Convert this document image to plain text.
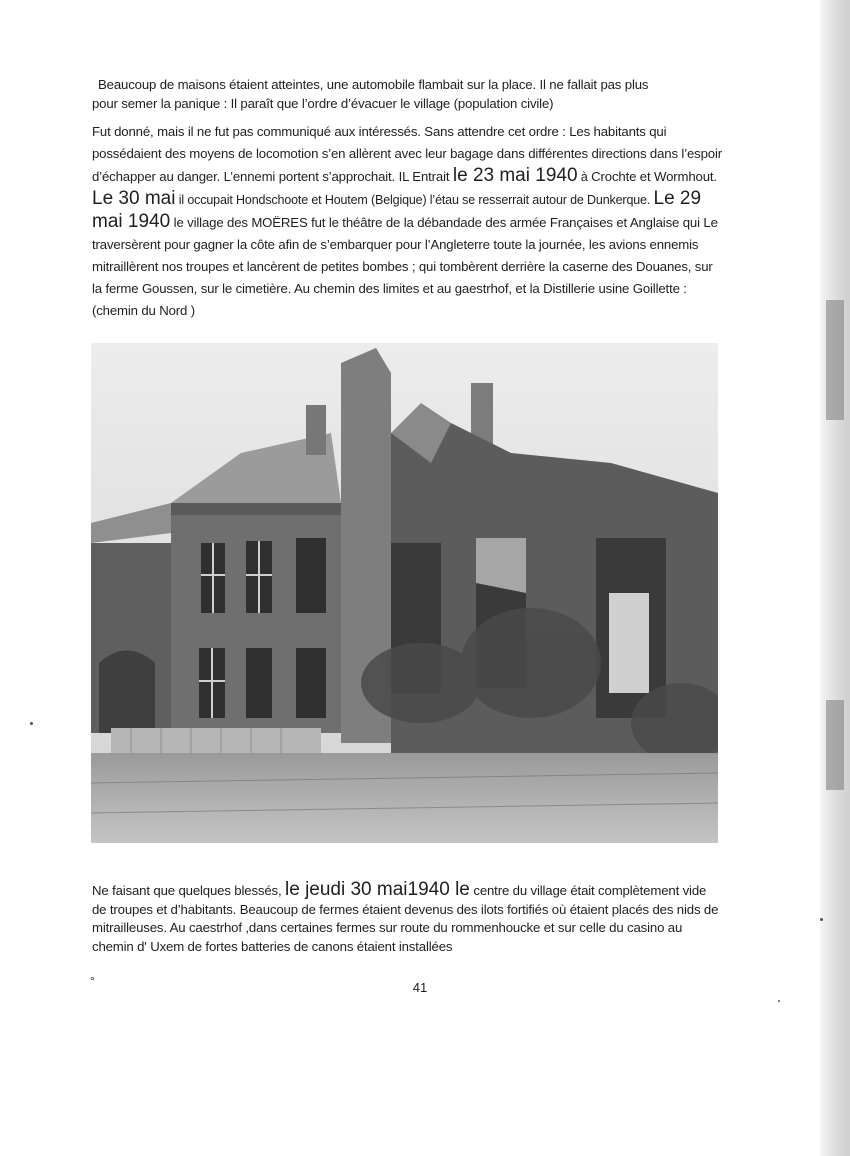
Beaucoup de maisons étaient atteintes, une automobile flambait sur la place. Il ne fallait pas plus
pour semer la panique : Il paraît que l’ordre d’évacuer le village (population civile)

Fut donné, mais il ne fut pas communiqué aux intéressés. Sans attendre cet ordre : Les habitants qui possédaient des moyens de locomotion s’en allèrent avec leur bagage dans différentes directions dans l’espoir d’échapper au danger. L’ennemi portent s’approchait. IL Entrait le 23 mai 1940 à Crochte et Wormhout. Le 30 mai il occupait Hondschoote et Houtem (Belgique) l’étau se resserrait autour de Dunkerque. Le 29 mai 1940 le village des MOËRES fut le théâtre de la débandade des armée Françaises et Anglaise qui Le traversèrent pour gagner la côte afin de s’embarquer pour l’Angleterre toute la journée, les avions ennemis mitraillèrent nos troupes et lancèrent de petites bombes ; qui tombèrent derrière la caserne des Douanes, sur la ferme Goussen, sur le cimetière. Au chemin des limites et au gaestrhof, et la Distillerie usine Goillette : (chemin du Nord )

Ne faisant que quelques blessés, le jeudi 30 mai1940 le centre du village était complètement vide de troupes et d’habitants. Beaucoup de fermes étaient devenus des ilots fortifiés où étaient placés des nids de mitrailleuses. Au caestrhof ,dans certaines fermes sur route du rommenhoucke et sur celle du casino au chemin d' Uxem de fortes batteries de canons étaient installées

°	41
